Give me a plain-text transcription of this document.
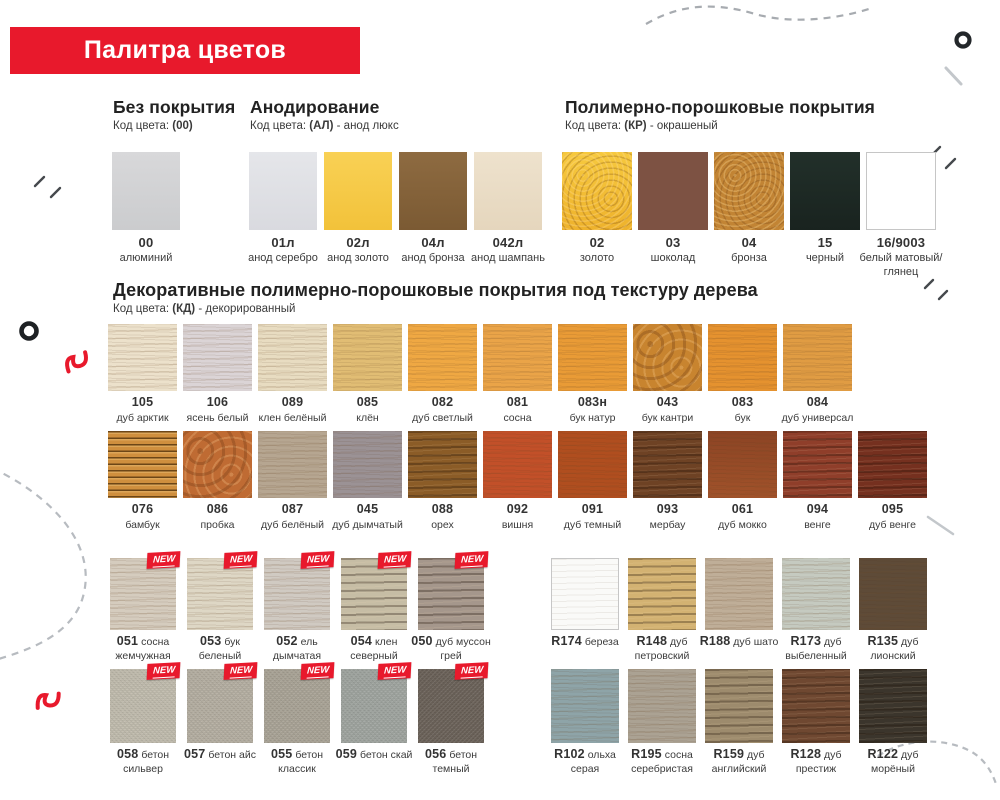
Палитра цветов
Без покрытия
Код цвета: (00)
Анодирование
Код цвета: (АЛ) - анод люкс
Полимерно-порошковые покрытия
Код цвета: (КР) - окрашеный
Декоративные полимерно-порошковые покрытия под текстуру дерева
Код цвета: (КД) - декорированный
00
алюминий
01л
анод серебро
02л
анод золото
04л
анод бронза
042л
анод шампань
02
золото
03
шоколад
04
бронза
15
черный
16/9003
белый матовый/глянец
105
дуб арктик
106
ясень белый
089
клен белёный
085
клён
082
дуб светлый
081
сосна
083н
бук натур
043
бук кантри
083
бук
084
дуб универсал
076
бамбук
086
пробка
087
дуб белёный
045
дуб дымчатый
088
орех
092
вишня
091
дуб темный
093
мербау
061
дуб мокко
094
венге
095
дуб венге
NEW
051 сосна жемчужная
NEW
053 бук беленый
NEW
052 ель дымчатая
NEW
054 клен северный
NEW
050 дуб муссон грей
R174 береза	R148 дуб петровский
R188 дуб шато R173 дуб выбеленный
R135 дуб лионский
NEW
058 бетон сильвер
NEW
057 бетон айс
NEW
055 бетон классик
NEW
059 бетон скай
NEW
056 бетон темный
R102 ольха серая
R195 сосна серебристая
R159 дуб английский
R128 дуб престиж
R122 дуб морёный
